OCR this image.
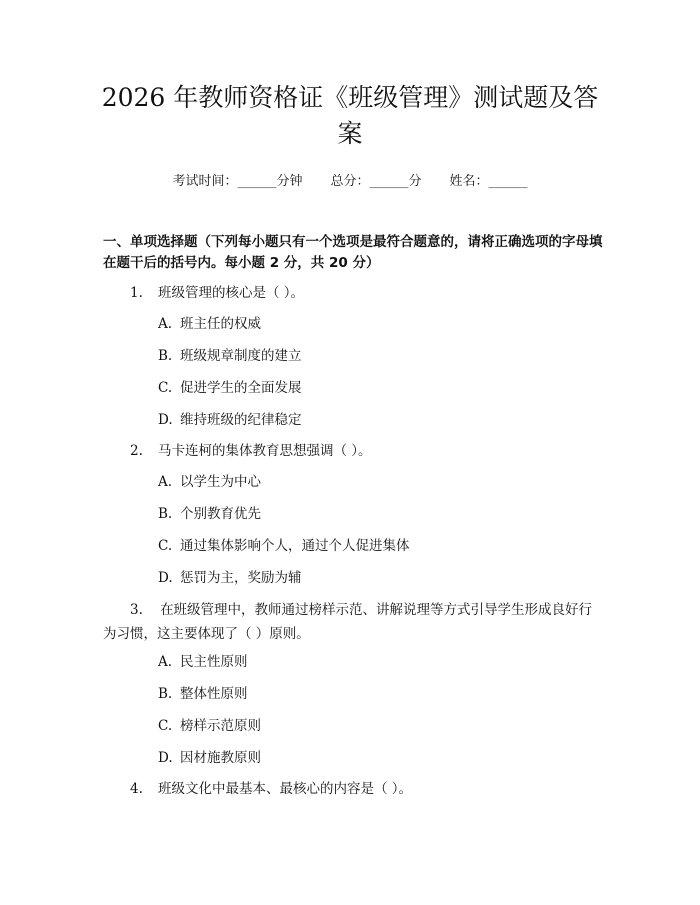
2026 年教师资格证《班级管理》测试题及答案
考试时间：______分钟 总分：______分 姓名：______
一、单项选择题（下列每小题只有一个选项是最符合题意的，请将正确选项的字母填在题干后的括号内。每小题 2 分，共 20 分）
1. 班级管理的核心是（ ）。
A. 班主任的权威
B. 班级规章制度的建立
C. 促进学生的全面发展
D. 维持班级的纪律稳定
2. 马卡连柯的集体教育思想强调（ ）。
A. 以学生为中心
B. 个别教育优先
C. 通过集体影响个人，通过个人促进集体
D. 惩罚为主，奖励为辅
3. 在班级管理中，教师通过榜样示范、讲解说理等方式引导学生形成良好行为习惯，这主要体现了（ ）原则。
A. 民主性原则
B. 整体性原则
C. 榜样示范原则
D. 因材施教原则
4. 班级文化中最基本、最核心的内容是（ ）。
